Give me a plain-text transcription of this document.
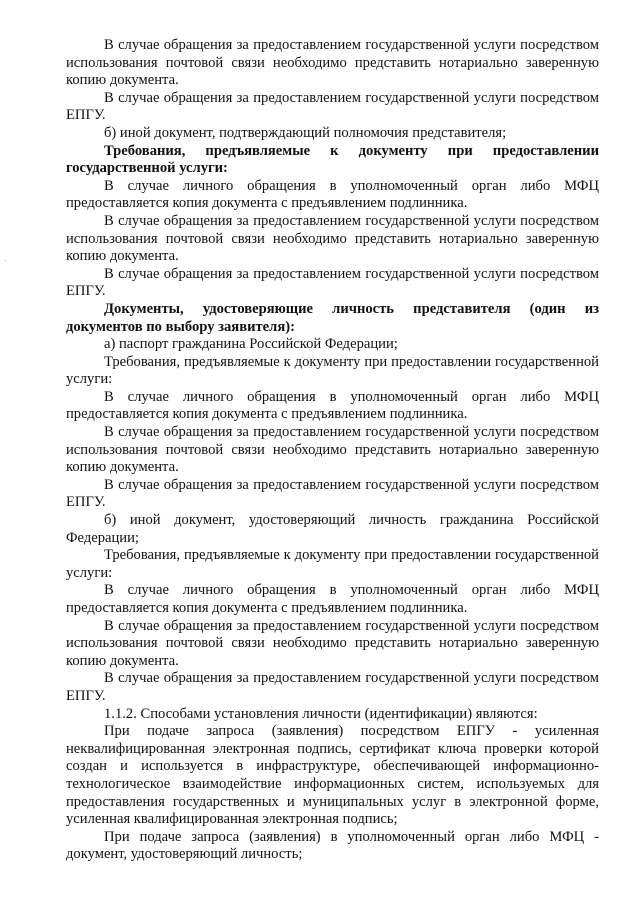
В случае обращения за предоставлением государственной услуги посредством использования почтовой связи необходимо представить нотариально заверенную копию документа.

В случае обращения за предоставлением государственной услуги посредством ЕПГУ.

б) иной документ, подтверждающий полномочия представителя;

Требования, предъявляемые к документу при предоставлении государственной услуги:

В случае личного обращения в уполномоченный орган либо МФЦ предоставляется копия документа с предъявлением подлинника.

В случае обращения за предоставлением государственной услуги посредством использования почтовой связи необходимо представить нотариально заверенную копию документа.

В случае обращения за предоставлением государственной услуги посредством ЕПГУ.

Документы, удостоверяющие личность представителя (один из документов по выбору заявителя):

а) паспорт гражданина Российской Федерации;

Требования, предъявляемые к документу при предоставлении государственной услуги:

В случае личного обращения в уполномоченный орган либо МФЦ предоставляется копия документа с предъявлением подлинника.

В случае обращения за предоставлением государственной услуги посредством использования почтовой связи необходимо представить нотариально заверенную копию документа.

В случае обращения за предоставлением государственной услуги посредством ЕПГУ.

б) иной документ, удостоверяющий личность гражданина Российской Федерации;

Требования, предъявляемые к документу при предоставлении государственной услуги:

В случае личного обращения в уполномоченный орган либо МФЦ предоставляется копия документа с предъявлением подлинника.

В случае обращения за предоставлением государственной услуги посредством использования почтовой связи необходимо представить нотариально заверенную копию документа.

В случае обращения за предоставлением государственной услуги посредством ЕПГУ.

1.1.2. Способами установления личности (идентификации) являются:

При подаче запроса (заявления) посредством ЕПГУ - усиленная неквалифицированная электронная подпись, сертификат ключа проверки которой создан и используется в инфраструктуре, обеспечивающей информационно-технологическое взаимодействие информационных систем, используемых для предоставления государственных и муниципальных услуг в электронной форме, усиленная квалифицированная электронная подпись;

При подаче запроса (заявления) в уполномоченный орган либо МФЦ - документ, удостоверяющий личность;
